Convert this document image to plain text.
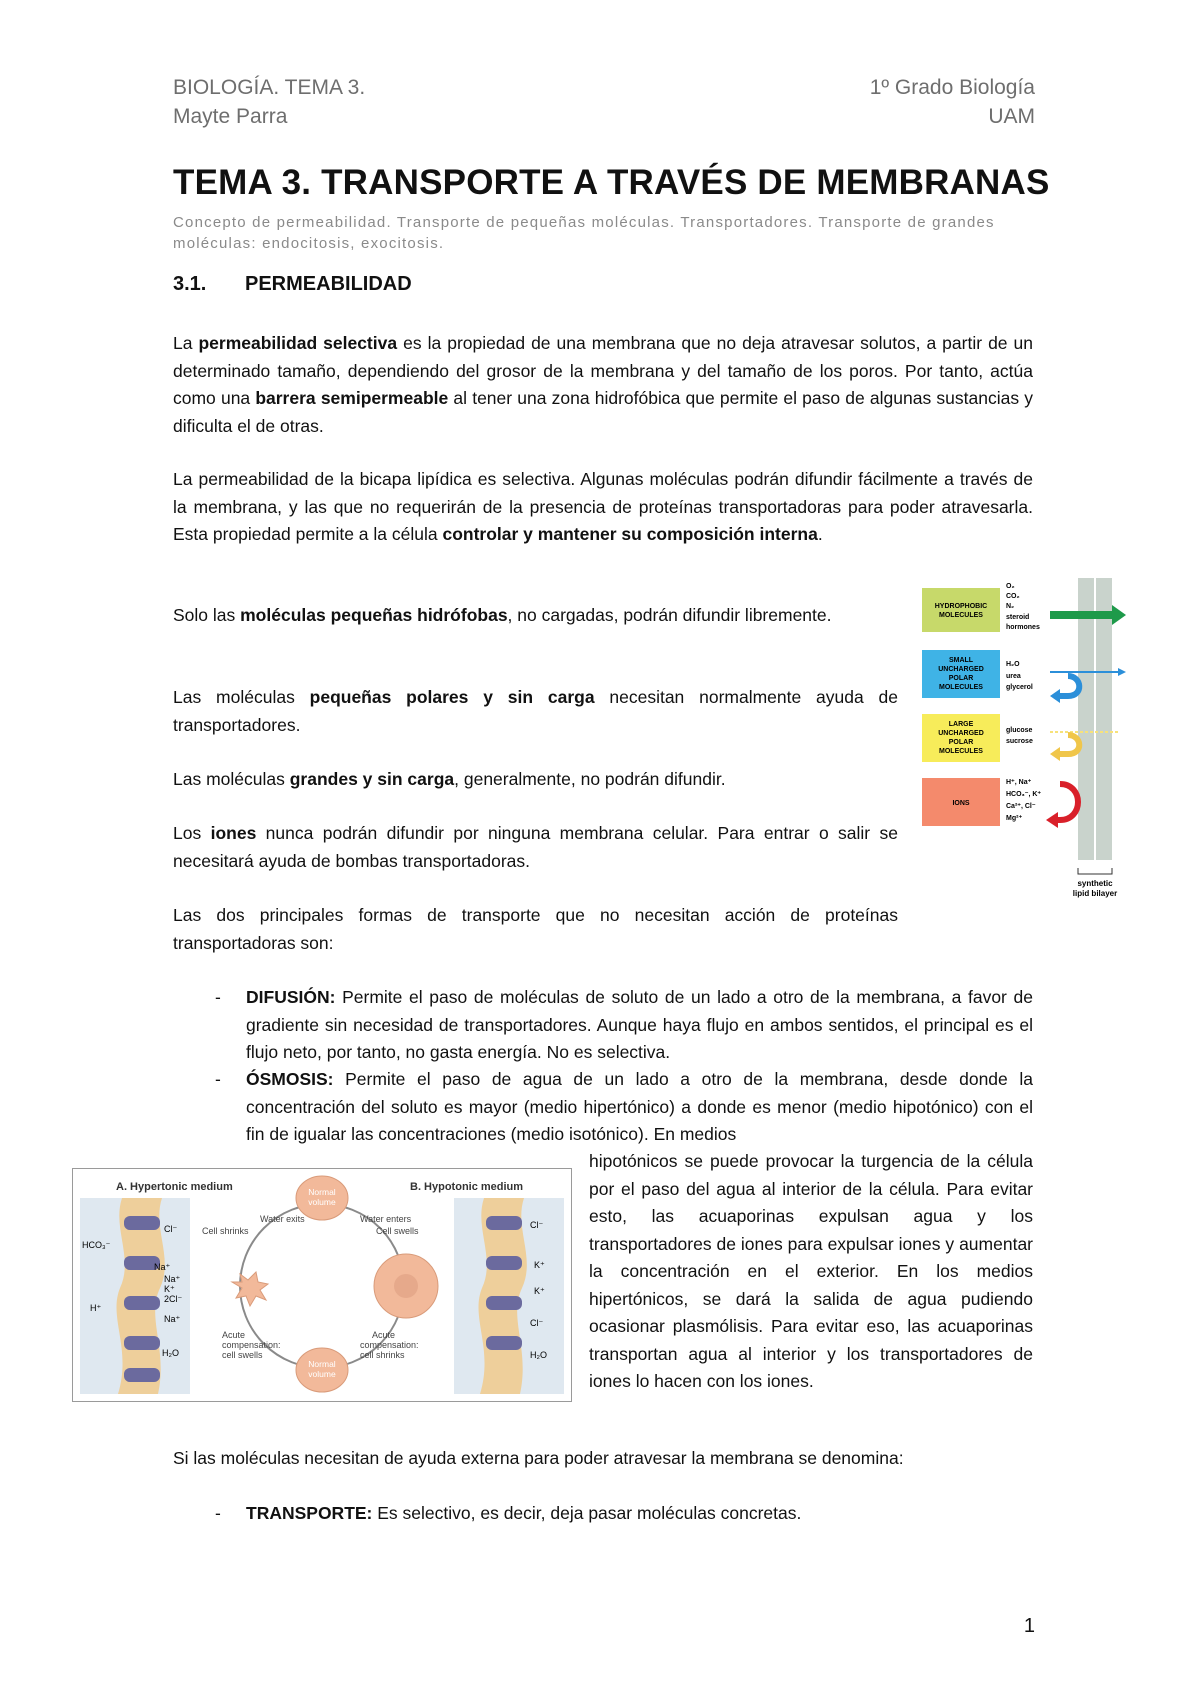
BIOLOGÍA. TEMA 3.
Mayte Parra
1º Grado Biología
UAM
TEMA 3. TRANSPORTE A TRAVÉS DE MEMBRANAS
Concepto de permeabilidad. Transporte de pequeñas moléculas. Transportadores. Transporte de grandes moléculas: endocitosis, exocitosis.
3.1. PERMEABILIDAD
La permeabilidad selectiva es la propiedad de una membrana que no deja atravesar solutos, a partir de un determinado tamaño, dependiendo del grosor de la membrana y del tamaño de los poros. Por tanto, actúa como una barrera semipermeable al tener una zona hidrofóbica que permite el paso de algunas sustancias y dificulta el de otras.
La permeabilidad de la bicapa lipídica es selectiva. Algunas moléculas podrán difundir fácilmente a través de la membrana, y las que no requerirán de la presencia de proteínas transportadoras para poder atravesarla. Esta propiedad permite a la célula controlar y mantener su composición interna.
Solo las moléculas pequeñas hidrófobas, no cargadas, podrán difundir libremente.
Las moléculas pequeñas polares y sin carga necesitan normalmente ayuda de transportadores.
Las moléculas grandes y sin carga, generalmente, no podrán difundir.
Los iones nunca podrán difundir por ninguna membrana celular. Para entrar o salir se necesitará ayuda de bombas transportadoras.
Las dos principales formas de transporte que no necesitan acción de proteínas transportadoras son:
- DIFUSIÓN: Permite el paso de moléculas de soluto de un lado a otro de la membrana, a favor de gradiente sin necesidad de transportadores. Aunque haya flujo en ambos sentidos, el principal es el flujo neto, por tanto, no gasta energía. No es selectiva.
- ÓSMOSIS: Permite el paso de agua de un lado a otro de la membrana, desde donde la concentración del soluto es mayor (medio hipertónico) a donde es menor (medio hipotónico) con el fin de igualar las concentraciones (medio isotónico). En medios
hipotónicos se puede provocar la turgencia de la célula por el paso del agua al interior de la célula. Para evitar esto, las acuaporinas expulsan agua y los transportadores de iones para expulsar iones y aumentar la concentración en el exterior. En los medios hipertónicos, se dará la salida de agua pudiendo ocasionar plasmólisis. Para evitar eso, las acuaporinas transportan agua al interior y los transportadores de iones lo hacen con los iones.
Si las moléculas necesitan de ayuda externa para poder atravesar la membrana se denomina:
- TRANSPORTE: Es selectivo, es decir, deja pasar moléculas concretas.
1
HYDROPHOBIC
MOLECULES
O₂
CO₂
N₂
steroid
hormones
SMALL
UNCHARGED
POLAR
MOLECULES
H₂O
urea
glycerol
LARGE
UNCHARGED
POLAR
MOLECULES
glucose
sucrose
IONS
H⁺, Na⁺
HCO₃⁻, K⁺
Ca²⁺, Cl⁻
Mg²⁺
synthetic
lipid bilayer
HCO₃⁻
Na⁺
H⁺
Cl⁻
Na⁺
K⁺
2Cl⁻
Na⁺
H₂O
Cl⁻
K⁺
K⁺
Cl⁻
H₂O
A. Hypertonic medium	B. Hypotonic medium
Normal
volume
Normal
volume
Water exits
Cell shrinks
Water enters
Cell swells
Acute
compensation:
cell swells
Acute
compensation:
cell shrinks
